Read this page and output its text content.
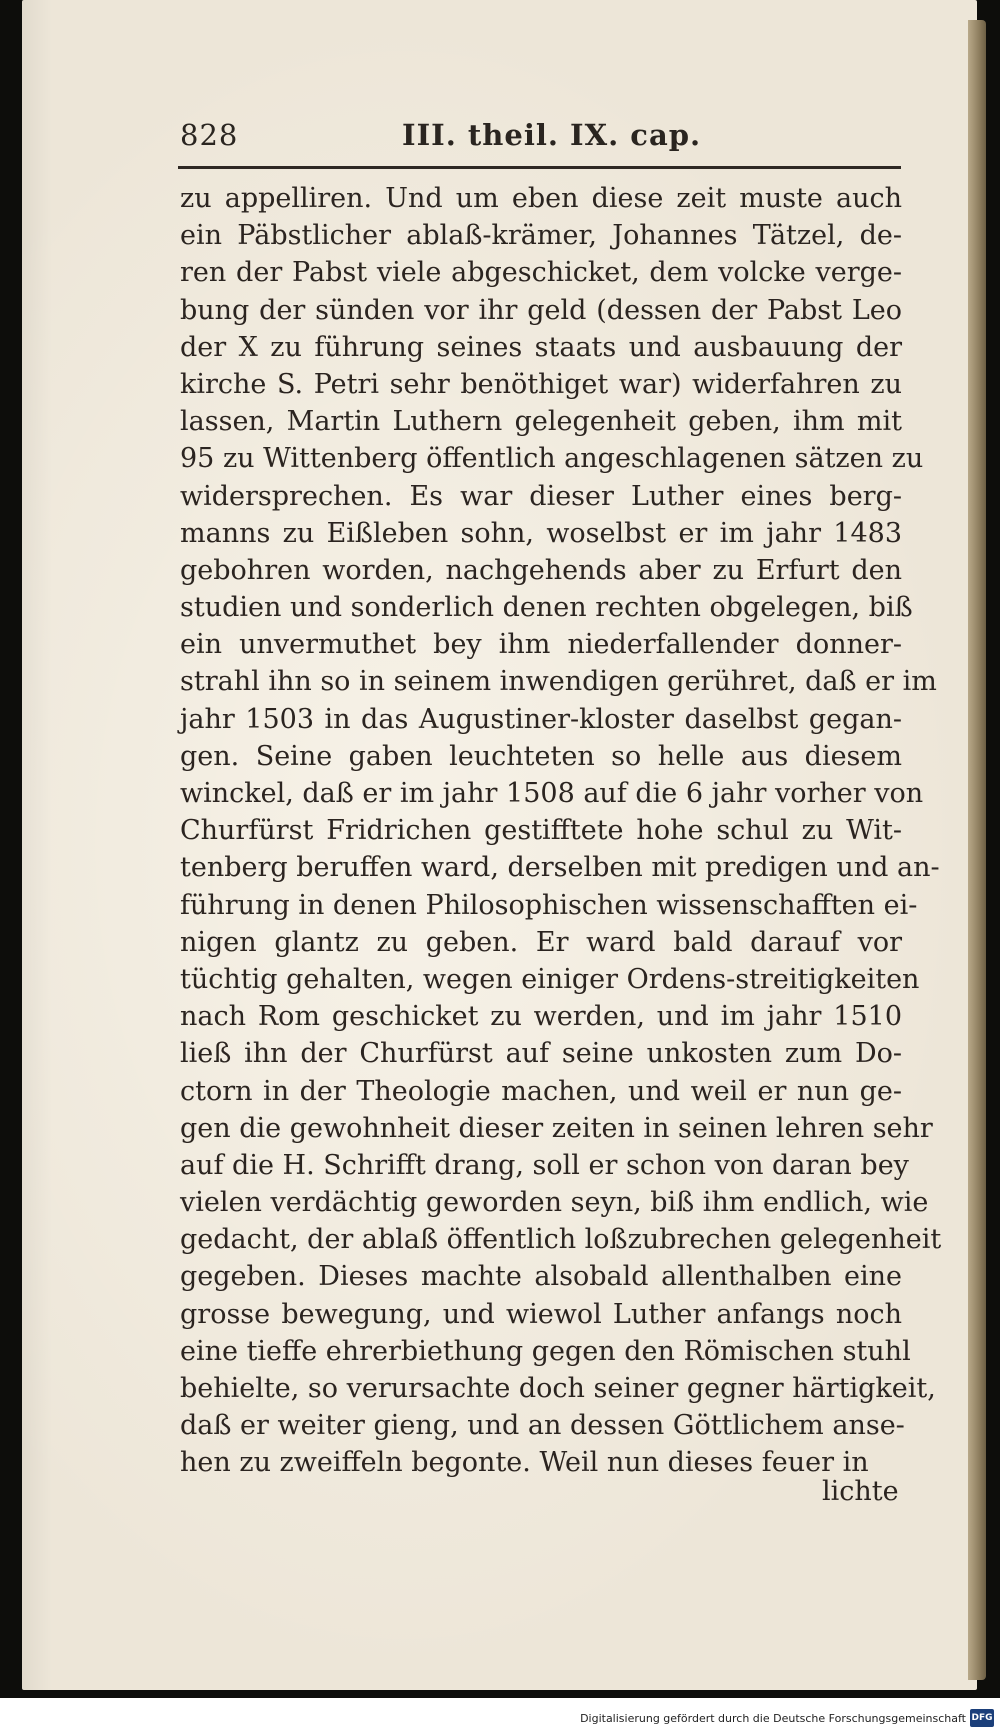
828	III. theil. IX. cap.
zu appelliren. Und um eben diese zeit muste auch
ein Päbstlicher ablaß-krämer, Johannes Tätzel, de-
ren der Pabst viele abgeschicket, dem volcke verge-
bung der sünden vor ihr geld (dessen der Pabst Leo
der X zu führung seines staats und ausbauung der
kirche S. Petri sehr benöthiget war) widerfahren zu
lassen, Martin Luthern gelegenheit geben, ihm mit
95 zu Wittenberg öffentlich angeschlagenen sätzen zu
widersprechen. Es war dieser Luther eines berg-
manns zu Eißleben sohn, woselbst er im jahr 1483
gebohren worden, nachgehends aber zu Erfurt den
studien und sonderlich denen rechten obgelegen, biß
ein unvermuthet bey ihm niederfallender donner-
strahl ihn so in seinem inwendigen gerühret, daß er im
jahr 1503 in das Augustiner-kloster daselbst gegan-
gen. Seine gaben leuchteten so helle aus diesem
winckel, daß er im jahr 1508 auf die 6 jahr vorher von
Churfürst Fridrichen gestifftete hohe schul zu Wit-
tenberg beruffen ward, derselben mit predigen und an-
führung in denen Philosophischen wissenschafften ei-
nigen glantz zu geben. Er ward bald darauf vor
tüchtig gehalten, wegen einiger Ordens-streitigkeiten
nach Rom geschicket zu werden, und im jahr 1510
ließ ihn der Churfürst auf seine unkosten zum Do-
ctorn in der Theologie machen, und weil er nun ge-
gen die gewohnheit dieser zeiten in seinen lehren sehr
auf die H. Schrifft drang, soll er schon von daran bey
vielen verdächtig geworden seyn, biß ihm endlich, wie
gedacht, der ablaß öffentlich loßzubrechen gelegenheit
gegeben. Dieses machte alsobald allenthalben eine
grosse bewegung, und wiewol Luther anfangs noch
eine tieffe ehrerbiethung gegen den Römischen stuhl
behielte, so verursachte doch seiner gegner härtigkeit,
daß er weiter gieng, und an dessen Göttlichem anse-
hen zu zweiffeln begonte. Weil nun dieses feuer in
lichte
Digitalisierung gefördert durch die Deutsche Forschungsgemeinschaft DFG
